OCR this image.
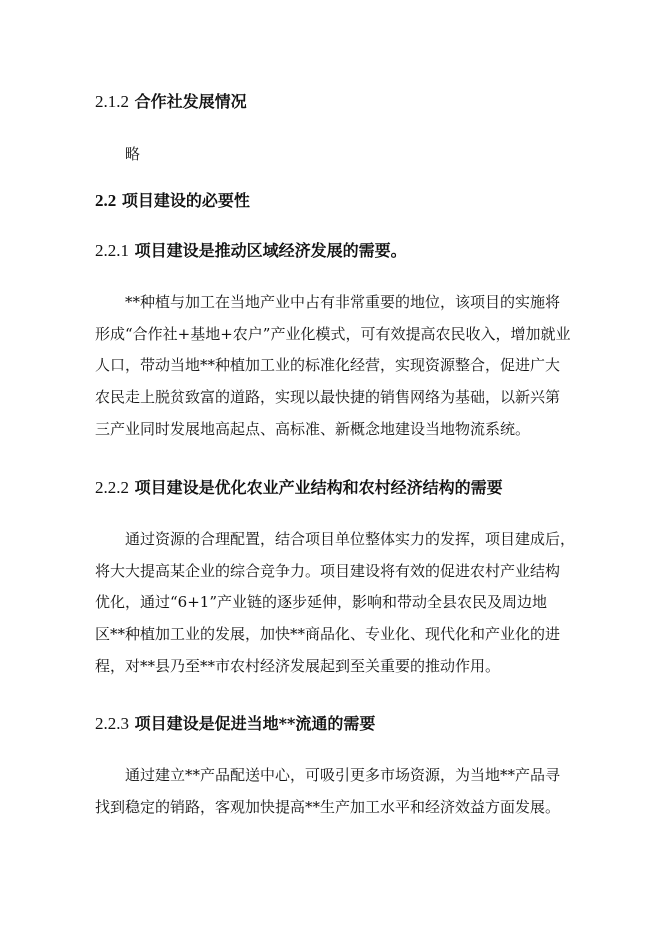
2.1.2 合作社发展情况
略
2.2 项目建设的必要性
2.2.1 项目建设是推动区域经济发展的需要。
**种植与加工在当地产业中占有非常重要的地位，该项目的实施将
形成“合作社+基地+农户”产业化模式，可有效提高农民收入，增加就业
人口，带动当地**种植加工业的标准化经营，实现资源整合，促进广大
农民走上脱贫致富的道路，实现以最快捷的销售网络为基础，以新兴第
三产业同时发展地高起点、高标准、新概念地建设当地物流系统。
2.2.2 项目建设是优化农业产业结构和农村经济结构的需要
通过资源的合理配置，结合项目单位整体实力的发挥，项目建成后，
将大大提高某企业的综合竞争力。项目建设将有效的促进农村产业结构
优化，通过“6+1”产业链的逐步延伸，影响和带动全县农民及周边地
区**种植加工业的发展，加快**商品化、专业化、现代化和产业化的进
程，对**县乃至**市农村经济发展起到至关重要的推动作用。
2.2.3 项目建设是促进当地**流通的需要
通过建立**产品配送中心，可吸引更多市场资源，为当地**产品寻
找到稳定的销路，客观加快提高**生产加工水平和经济效益方面发展。
